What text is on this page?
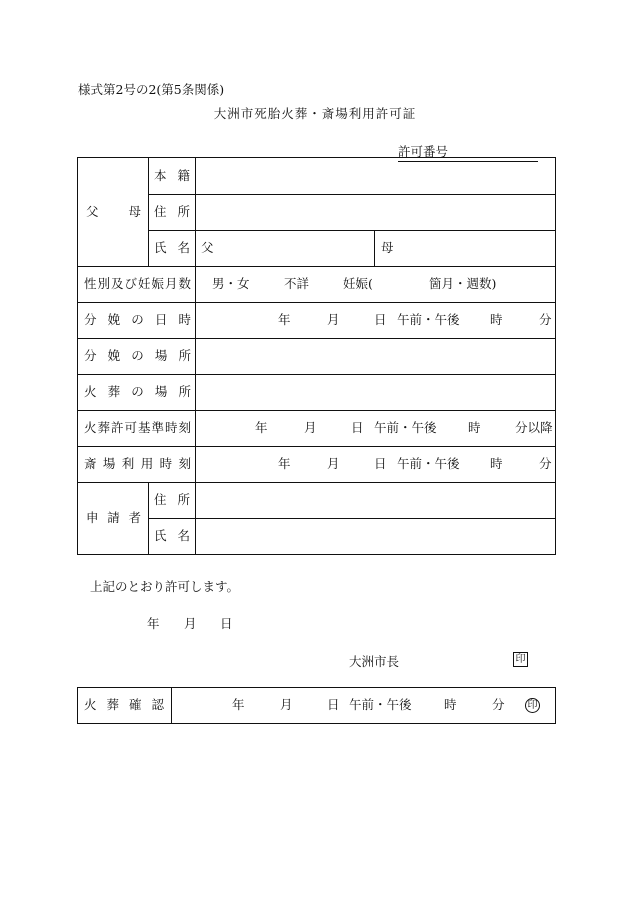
様式第2号の2(第5条関係)
大洲市死胎火葬・斎場利用許可証
許可番号
父母
本籍
住所
氏名 父	母
性別及び妊娠月数 男・女	不詳	妊娠(	箇月・週数)
分娩の日時	年	月	日 午前・午後 時	分
分娩の場所
火葬の場所
火葬許可基準時刻	年	月	日 午前・午後	時	分以降
斎場利用時刻	年	月	日 午前・午後 時	分
申請者
住所
氏名
上記のとおり許可します。
年 月 日
大洲市長	印
火葬確認	年	月	日 午前・午後	時	分 印
